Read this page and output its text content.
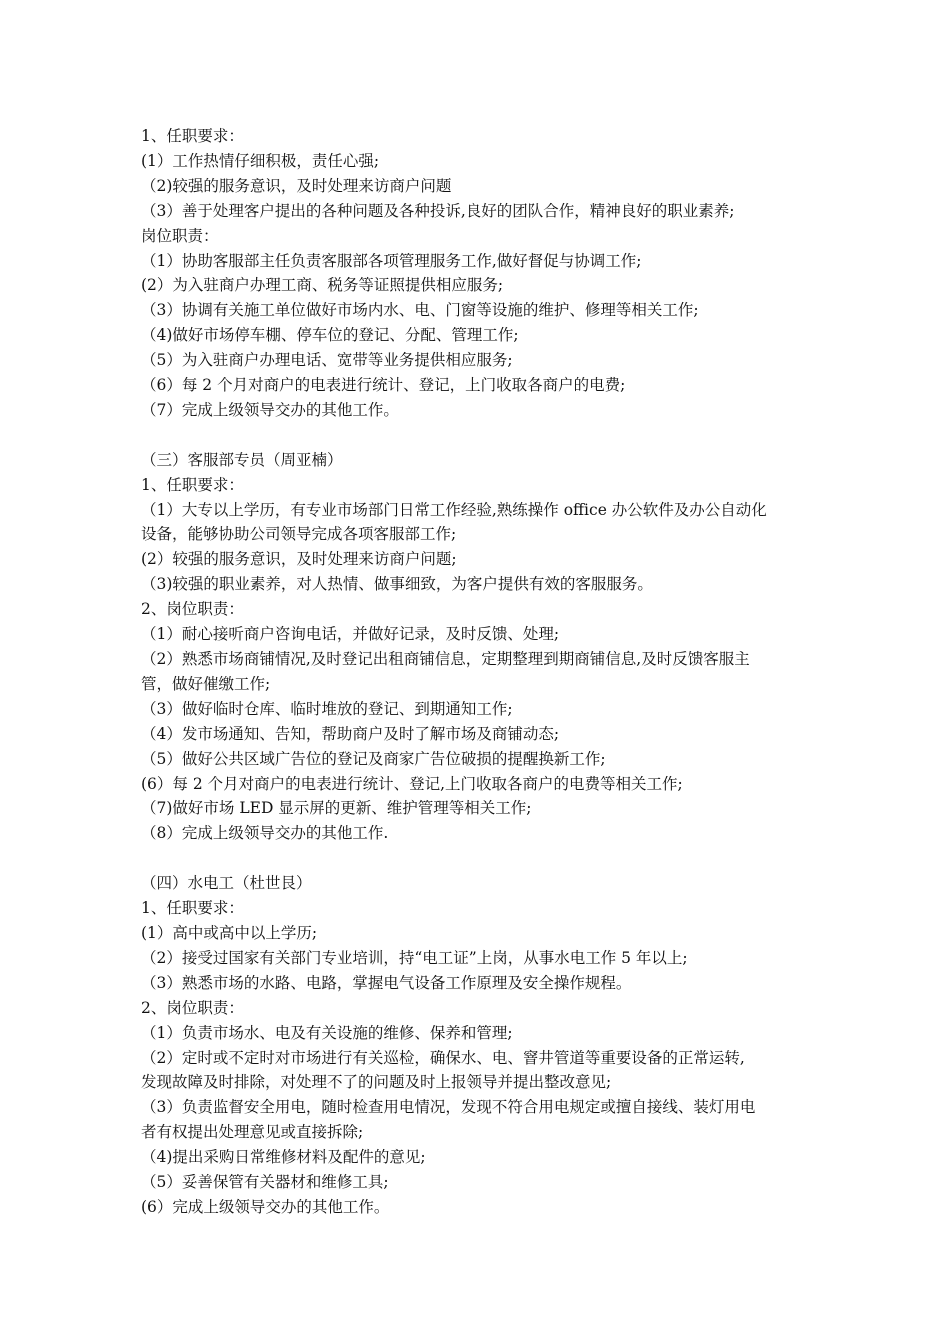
1、任职要求：
(1）工作热情仔细积极，责任心强;
（2)较强的服务意识，及时处理来访商户问题
（3）善于处理客户提出的各种问题及各种投诉,良好的团队合作，精神良好的职业素养;
岗位职责：
（1）协助客服部主任负责客服部各项管理服务工作,做好督促与协调工作;
(2）为入驻商户办理工商、税务等证照提供相应服务;
（3）协调有关施工单位做好市场内水、电、门窗等设施的维护、修理等相关工作;
（4)做好市场停车棚、停车位的登记、分配、管理工作;
（5）为入驻商户办理电话、宽带等业务提供相应服务;
（6）每 2 个月对商户的电表进行统计、登记，上门收取各商户的电费;
（7）完成上级领导交办的其他工作。
（三）客服部专员（周亚楠）
1、任职要求：
（1）大专以上学历，有专业市场部门日常工作经验,熟练操作 office 办公软件及办公自动化
设备，能够协助公司领导完成各项客服部工作;
(2）较强的服务意识，及时处理来访商户问题;
（3)较强的职业素养，对人热情、做事细致，为客户提供有效的客服服务。
2、岗位职责：
（1）耐心接听商户咨询电话，并做好记录，及时反馈、处理;
（2）熟悉市场商铺情况,及时登记出租商铺信息，定期整理到期商铺信息,及时反馈客服主
管，做好催缴工作;
（3）做好临时仓库、临时堆放的登记、到期通知工作;
（4）发市场通知、告知，帮助商户及时了解市场及商铺动态;
（5）做好公共区域广告位的登记及商家广告位破损的提醒换新工作;
(6）每 2 个月对商户的电表进行统计、登记,上门收取各商户的电费等相关工作;
（7)做好市场 LED 显示屏的更新、维护管理等相关工作;
（8）完成上级领导交办的其他工作.
（四）水电工（杜世艮）
1、任职要求：
(1）高中或高中以上学历;
（2）接受过国家有关部门专业培训，持“电工证”上岗，从事水电工作 5 年以上;
（3）熟悉市场的水路、电路，掌握电气设备工作原理及安全操作规程。
2、岗位职责：
（1）负责市场水、电及有关设施的维修、保养和管理;
（2）定时或不定时对市场进行有关巡检，确保水、电、窨井管道等重要设备的正常运转,
发现故障及时排除，对处理不了的问题及时上报领导并提出整改意见;
（3）负责监督安全用电，随时检查用电情况，发现不符合用电规定或擅自接线、装灯用电
者有权提出处理意见或直接拆除;
（4)提出采购日常维修材料及配件的意见;
（5）妥善保管有关器材和维修工具;
(6）完成上级领导交办的其他工作。
